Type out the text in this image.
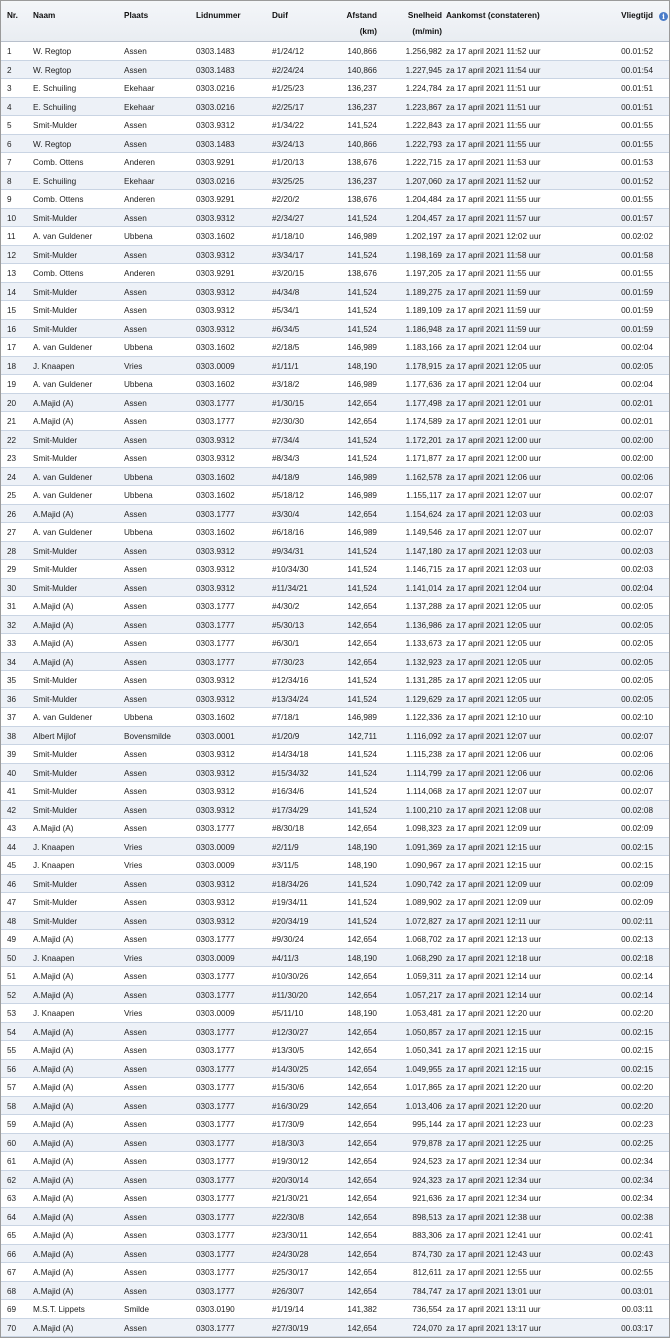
Nr. Naam	Plaats	Lidnummer	Duif	Afstand
(km)
Snelheid
(m/min)
Aankomst (constateren)	Vliegtijd	i
1	W. Regtop	Assen	0303.1483	#1/24/12	140,866	1.256,982 za 17 april 2021 11:52 uur	00.01:52
2	W. Regtop	Assen	0303.1483	#2/24/24	140,866	1.227,945 za 17 april 2021 11:54 uur	00.01:54
3	E. Schuiling	Ekehaar	0303.0216	#1/25/23	136,237	1.224,784 za 17 april 2021 11:51 uur	00.01:51
4	E. Schuiling	Ekehaar	0303.0216	#2/25/17	136,237	1.223,867 za 17 april 2021 11:51 uur	00.01:51
5	Smit-Mulder	Assen	0303.9312	#1/34/22	141,524	1.222,843 za 17 april 2021 11:55 uur	00.01:55
6	W. Regtop	Assen	0303.1483	#3/24/13	140,866	1.222,793 za 17 april 2021 11:55 uur	00.01:55
7	Comb. Ottens	Anderen	0303.9291	#1/20/13	138,676	1.222,715 za 17 april 2021 11:53 uur	00.01:53
8	E. Schuiling	Ekehaar	0303.0216	#3/25/25	136,237	1.207,060 za 17 april 2021 11:52 uur	00.01:52
9	Comb. Ottens	Anderen	0303.9291	#2/20/2	138,676	1.204,484 za 17 april 2021 11:55 uur	00.01:55
10 Smit-Mulder	Assen	0303.9312	#2/34/27	141,524	1.204,457 za 17 april 2021 11:57 uur	00.01:57
11 A. van Guldener	Ubbena	0303.1602	#1/18/10	146,989	1.202,197 za 17 april 2021 12:02 uur	00.02:02
12 Smit-Mulder	Assen	0303.9312	#3/34/17	141,524	1.198,169 za 17 april 2021 11:58 uur	00.01:58
13 Comb. Ottens	Anderen	0303.9291	#3/20/15	138,676	1.197,205 za 17 april 2021 11:55 uur	00.01:55
14 Smit-Mulder	Assen	0303.9312	#4/34/8	141,524	1.189,275 za 17 april 2021 11:59 uur	00.01:59
15 Smit-Mulder	Assen	0303.9312	#5/34/1	141,524	1.189,109 za 17 april 2021 11:59 uur	00.01:59
16 Smit-Mulder	Assen	0303.9312	#6/34/5	141,524	1.186,948 za 17 april 2021 11:59 uur	00.01:59
17 A. van Guldener	Ubbena	0303.1602	#2/18/5	146,989	1.183,166 za 17 april 2021 12:04 uur	00.02:04
18 J. Knaapen	Vries	0303.0009	#1/11/1	148,190	1.178,915 za 17 april 2021 12:05 uur	00.02:05
19 A. van Guldener	Ubbena	0303.1602	#3/18/2	146,989	1.177,636 za 17 april 2021 12:04 uur	00.02:04
20 A.Majid (A)	Assen	0303.1777	#1/30/15	142,654	1.177,498 za 17 april 2021 12:01 uur	00.02:01
21 A.Majid (A)	Assen	0303.1777	#2/30/30	142,654	1.174,589 za 17 april 2021 12:01 uur	00.02:01
22 Smit-Mulder	Assen	0303.9312	#7/34/4	141,524	1.172,201 za 17 april 2021 12:00 uur	00.02:00
23 Smit-Mulder	Assen	0303.9312	#8/34/3	141,524	1.171,877 za 17 april 2021 12:00 uur	00.02:00
24 A. van Guldener	Ubbena	0303.1602	#4/18/9	146,989	1.162,578 za 17 april 2021 12:06 uur	00.02:06
25 A. van Guldener	Ubbena	0303.1602	#5/18/12	146,989	1.155,117 za 17 april 2021 12:07 uur	00.02:07
26 A.Majid (A)	Assen	0303.1777	#3/30/4	142,654	1.154,624 za 17 april 2021 12:03 uur	00.02:03
27 A. van Guldener	Ubbena	0303.1602	#6/18/16	146,989	1.149,546 za 17 april 2021 12:07 uur	00.02:07
28 Smit-Mulder	Assen	0303.9312	#9/34/31	141,524	1.147,180 za 17 april 2021 12:03 uur	00.02:03
29 Smit-Mulder	Assen	0303.9312	#10/34/30	141,524	1.146,715 za 17 april 2021 12:03 uur	00.02:03
30 Smit-Mulder	Assen	0303.9312	#11/34/21	141,524	1.141,014 za 17 april 2021 12:04 uur	00.02:04
31 A.Majid (A)	Assen	0303.1777	#4/30/2	142,654	1.137,288 za 17 april 2021 12:05 uur	00.02:05
32 A.Majid (A)	Assen	0303.1777	#5/30/13	142,654	1.136,986 za 17 april 2021 12:05 uur	00.02:05
33 A.Majid (A)	Assen	0303.1777	#6/30/1	142,654	1.133,673 za 17 april 2021 12:05 uur	00.02:05
34 A.Majid (A)	Assen	0303.1777	#7/30/23	142,654	1.132,923 za 17 april 2021 12:05 uur	00.02:05
35 Smit-Mulder	Assen	0303.9312	#12/34/16	141,524	1.131,285 za 17 april 2021 12:05 uur	00.02:05
36 Smit-Mulder	Assen	0303.9312	#13/34/24	141,524	1.129,629 za 17 april 2021 12:05 uur	00.02:05
37 A. van Guldener	Ubbena	0303.1602	#7/18/1	146,989	1.122,336 za 17 april 2021 12:10 uur	00.02:10
38 Albert Mijlof	Bovensmilde	0303.0001	#1/20/9	142,711	1.116,092 za 17 april 2021 12:07 uur	00.02:07
39 Smit-Mulder	Assen	0303.9312	#14/34/18	141,524	1.115,238 za 17 april 2021 12:06 uur	00.02:06
40 Smit-Mulder	Assen	0303.9312	#15/34/32	141,524	1.114,799 za 17 april 2021 12:06 uur	00.02:06
41 Smit-Mulder	Assen	0303.9312	#16/34/6	141,524	1.114,068 za 17 april 2021 12:07 uur	00.02:07
42 Smit-Mulder	Assen	0303.9312	#17/34/29	141,524	1.100,210 za 17 april 2021 12:08 uur	00.02:08
43 A.Majid (A)	Assen	0303.1777	#8/30/18	142,654	1.098,323 za 17 april 2021 12:09 uur	00.02:09
44 J. Knaapen	Vries	0303.0009	#2/11/9	148,190	1.091,369 za 17 april 2021 12:15 uur	00.02:15
45 J. Knaapen	Vries	0303.0009	#3/11/5	148,190	1.090,967 za 17 april 2021 12:15 uur	00.02:15
46 Smit-Mulder	Assen	0303.9312	#18/34/26	141,524	1.090,742 za 17 april 2021 12:09 uur	00.02:09
47 Smit-Mulder	Assen	0303.9312	#19/34/11	141,524	1.089,902 za 17 april 2021 12:09 uur	00.02:09
48 Smit-Mulder	Assen	0303.9312	#20/34/19	141,524	1.072,827 za 17 april 2021 12:11 uur	00.02:11
49 A.Majid (A)	Assen	0303.1777	#9/30/24	142,654	1.068,702 za 17 april 2021 12:13 uur	00.02:13
50 J. Knaapen	Vries	0303.0009	#4/11/3	148,190	1.068,290 za 17 april 2021 12:18 uur	00.02:18
51 A.Majid (A)	Assen	0303.1777	#10/30/26	142,654	1.059,311 za 17 april 2021 12:14 uur	00.02:14
52 A.Majid (A)	Assen	0303.1777	#11/30/20	142,654	1.057,217 za 17 april 2021 12:14 uur	00.02:14
53 J. Knaapen	Vries	0303.0009	#5/11/10	148,190	1.053,481 za 17 april 2021 12:20 uur	00.02:20
54 A.Majid (A)	Assen	0303.1777	#12/30/27	142,654	1.050,857 za 17 april 2021 12:15 uur	00.02:15
55 A.Majid (A)	Assen	0303.1777	#13/30/5	142,654	1.050,341 za 17 april 2021 12:15 uur	00.02:15
56 A.Majid (A)	Assen	0303.1777	#14/30/25	142,654	1.049,955 za 17 april 2021 12:15 uur	00.02:15
57 A.Majid (A)	Assen	0303.1777	#15/30/6	142,654	1.017,865 za 17 april 2021 12:20 uur	00.02:20
58 A.Majid (A)	Assen	0303.1777	#16/30/29	142,654	1.013,406 za 17 april 2021 12:20 uur	00.02:20
59 A.Majid (A)	Assen	0303.1777	#17/30/9	142,654	995,144 za 17 april 2021 12:23 uur	00.02:23
60 A.Majid (A)	Assen	0303.1777	#18/30/3	142,654	979,878 za 17 april 2021 12:25 uur	00.02:25
61 A.Majid (A)	Assen	0303.1777	#19/30/12	142,654	924,523 za 17 april 2021 12:34 uur	00.02:34
62 A.Majid (A)	Assen	0303.1777	#20/30/14	142,654	924,323 za 17 april 2021 12:34 uur	00.02:34
63 A.Majid (A)	Assen	0303.1777	#21/30/21	142,654	921,636 za 17 april 2021 12:34 uur	00.02:34
64 A.Majid (A)	Assen	0303.1777	#22/30/8	142,654	898,513 za 17 april 2021 12:38 uur	00.02:38
65 A.Majid (A)	Assen	0303.1777	#23/30/11	142,654	883,306 za 17 april 2021 12:41 uur	00.02:41
66 A.Majid (A)	Assen	0303.1777	#24/30/28	142,654	874,730 za 17 april 2021 12:43 uur	00.02:43
67 A.Majid (A)	Assen	0303.1777	#25/30/17	142,654	812,611 za 17 april 2021 12:55 uur	00.02:55
68 A.Majid (A)	Assen	0303.1777	#26/30/7	142,654	784,747 za 17 april 2021 13:01 uur	00.03:01
69 M.S.T. Lippets	Smilde	0303.0190	#1/19/14	141,382	736,554 za 17 april 2021 13:11 uur	00.03:11
70 A.Majid (A)	Assen	0303.1777	#27/30/19	142,654	724,070 za 17 april 2021 13:17 uur	00.03:17
